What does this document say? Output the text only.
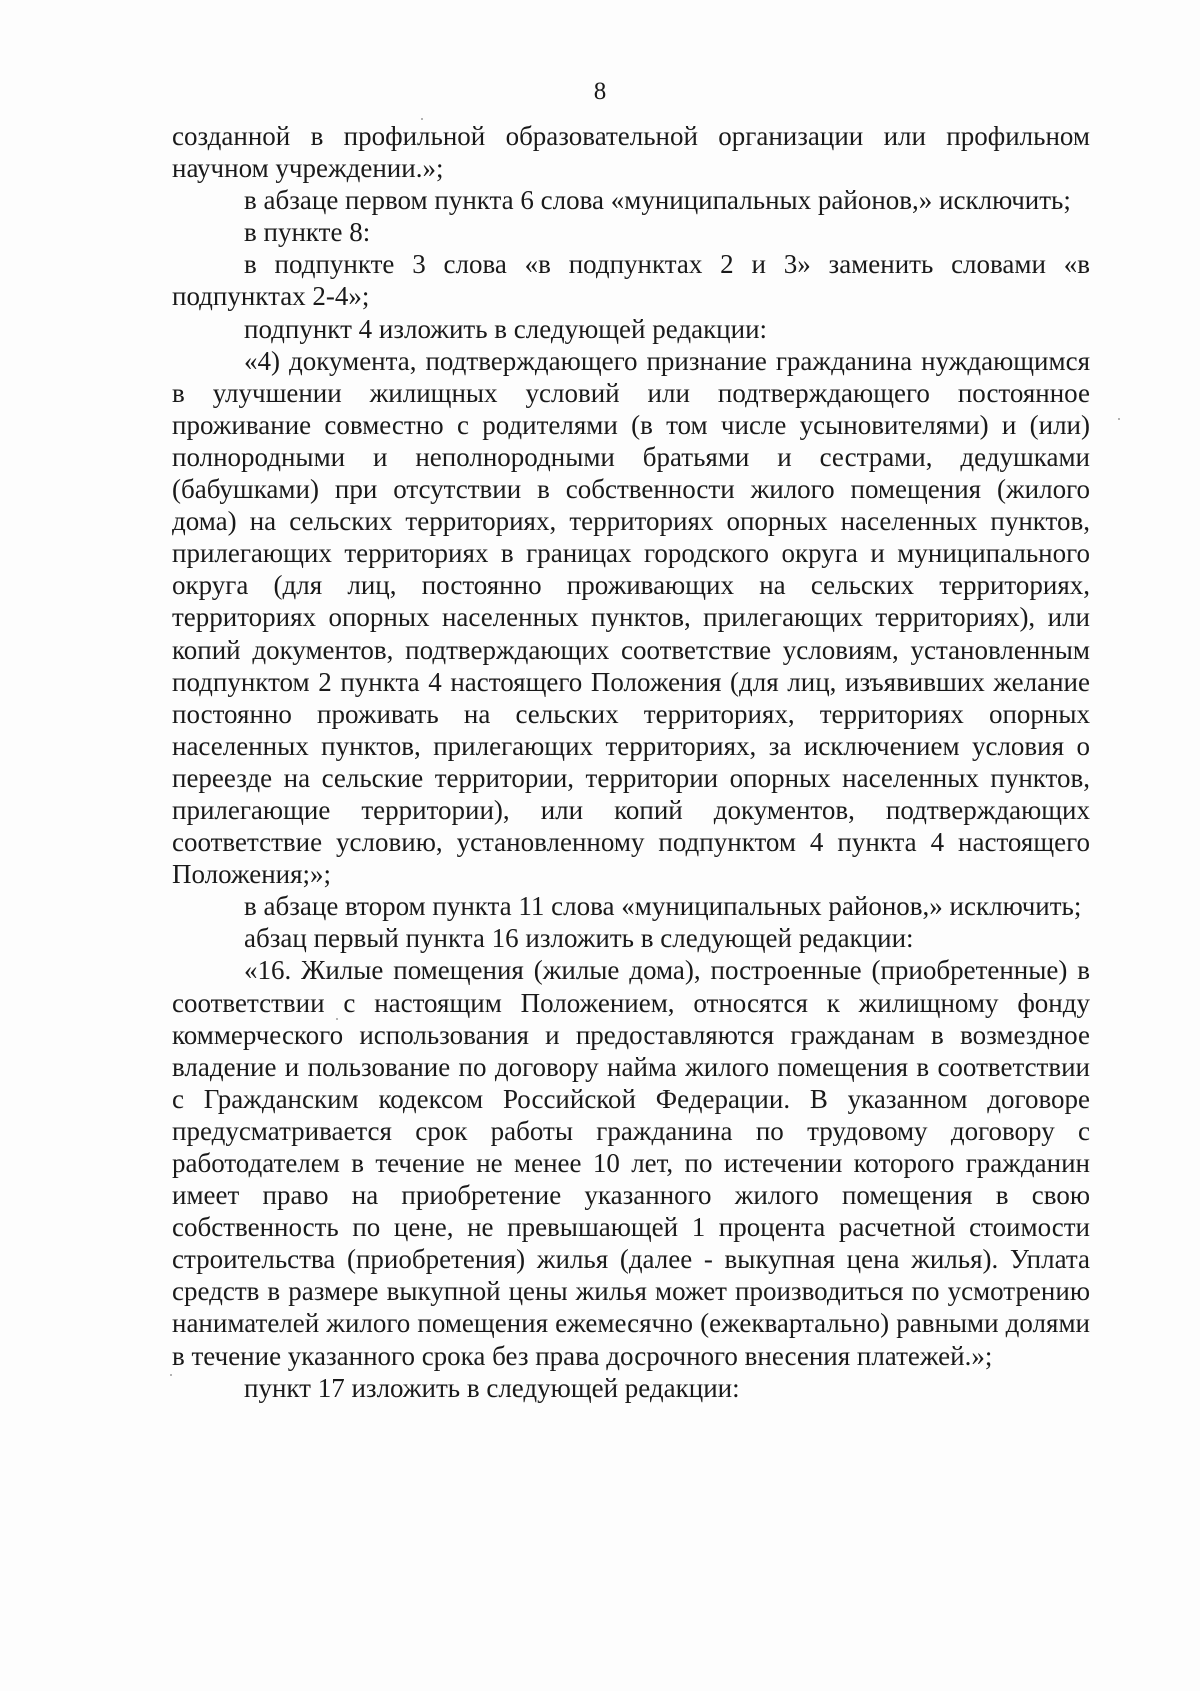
8

созданной в профильной образовательной организации или профильном научном учреждении.»;

в абзаце первом пункта 6 слова «муниципальных районов,» исключить;

в пункте 8:

в подпункте 3 слова «в подпунктах 2 и 3» заменить словами «в подпунктах 2-4»;

подпункт 4 изложить в следующей редакции:

«4) документа, подтверждающего признание гражданина нуждающимся в улучшении жилищных условий или подтверждающего постоянное проживание совместно с родителями (в том числе усыновителями) и (или) полнородными и неполнородными братьями и сестрами, дедушками (бабушками) при отсутствии в собственности жилого помещения (жилого дома) на сельских территориях, территориях опорных населенных пунктов, прилегающих территориях в границах городского округа и муниципального округа (для лиц, постоянно проживающих на сельских территориях, территориях опорных населенных пунктов, прилегающих территориях), или копий документов, подтверждающих соответствие условиям, установленным подпунктом 2 пункта 4 настоящего Положения (для лиц, изъявивших желание постоянно проживать на сельских территориях, территориях опорных населенных пунктов, прилегающих территориях, за исключением условия о переезде на сельские территории, территории опорных населенных пунктов, прилегающие территории), или копий документов, подтверждающих соответствие условию, установленному подпунктом 4 пункта 4 настоящего Положения;»;

в абзаце втором пункта 11 слова «муниципальных районов,» исключить;

абзац первый пункта 16 изложить в следующей редакции:

«16. Жилые помещения (жилые дома), построенные (приобретенные) в соответствии с настоящим Положением, относятся к жилищному фонду коммерческого использования и предоставляются гражданам в возмездное владение и пользование по договору найма жилого помещения в соответствии с Гражданским кодексом Российской Федерации. В указанном договоре предусматривается срок работы гражданина по трудовому договору с работодателем в течение не менее 10 лет, по истечении которого гражданин имеет право на приобретение указанного жилого помещения в свою собственность по цене, не превышающей 1 процента расчетной стоимости строительства (приобретения) жилья (далее - выкупная цена жилья). Уплата средств в размере выкупной цены жилья может производиться по усмотрению нанимателей жилого помещения ежемесячно (ежеквартально) равными долями в течение указанного срока без права досрочного внесения платежей.»;

пункт 17 изложить в следующей редакции:
